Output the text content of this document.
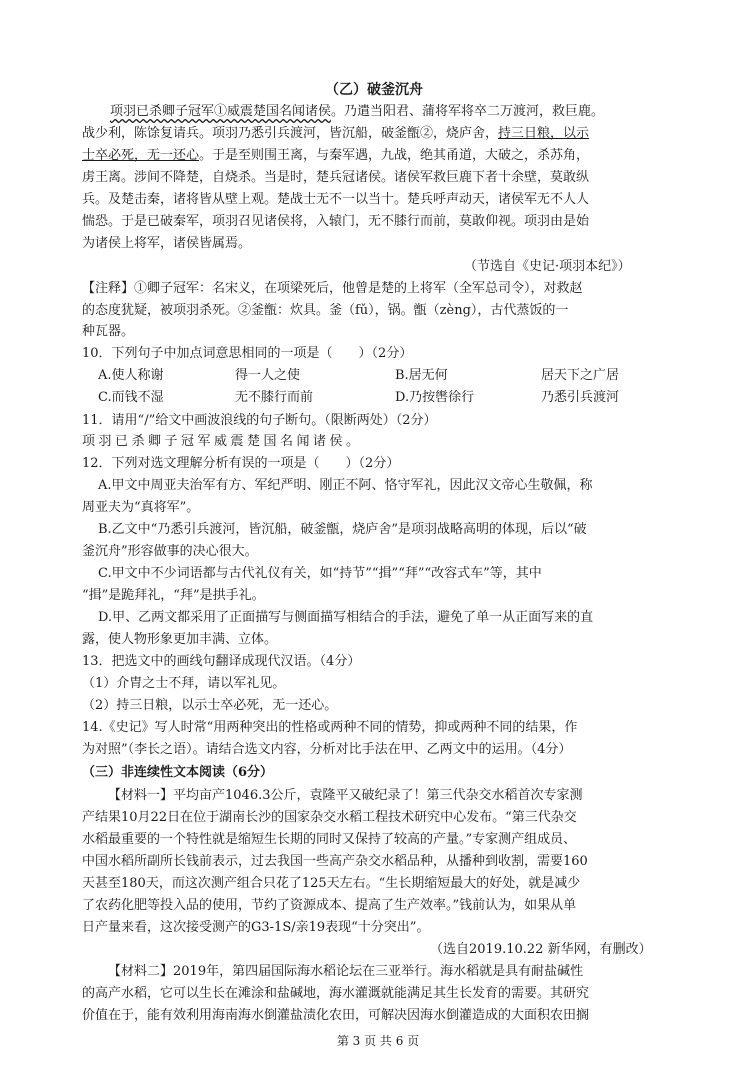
（乙）破釜沉舟
项羽已杀卿子冠军①威震楚国名闻诸侯。乃遣当阳君、蒲将军将卒二万渡河，救巨鹿。
战少利，陈馀复请兵。项羽乃悉引兵渡河，皆沉船，破釜甑②，烧庐舍，持三日粮，以示
士卒必死，无一还心。于是至则围王离，与秦军遇，九战，绝其甬道，大破之，杀苏角，
虏王离。涉间不降楚，自烧杀。当是时，楚兵冠诸侯。诸侯军救巨鹿下者十余壁，莫敢纵
兵。及楚击秦，诸将皆从壁上观。楚战士无不一以当十。楚兵呼声动天，诸侯军无不人人
惴恐。于是已破秦军，项羽召见诸侯将，入辕门，无不膝行而前，莫敢仰视。项羽由是始
为诸侯上将军，诸侯皆属焉。
（节选自《史记·项羽本纪》）
【注释】①卿子冠军：名宋义，在项梁死后，他曾是楚的上将军（全军总司令），对救赵
的态度犹疑，被项羽杀死。②釜甑：炊具。釜（fǔ），锅。甑（zèng），古代蒸饭的一
种瓦器。
10．下列句子中加点词意思相同的一项是（　　）（2分）
A.使人称谢	得一人之使	B.居无何	居天下之广居
C.而钱不湿	无不膝行而前	D.乃按辔徐行	乃悉引兵渡河
11．请用“/”给文中画波浪线的句子断句。（限断两处）（2分）
项羽已杀卿子冠军威震楚国名闻诸侯。
12．下列对选文理解分析有误的一项是（　　）（2分）
A.甲文中周亚夫治军有方、军纪严明、刚正不阿、恪守军礼，因此汉文帝心生敬佩，称
周亚夫为“真将军”。
B.乙文中“乃悉引兵渡河，皆沉船，破釜甑，烧庐舍”是项羽战略高明的体现，后以“破
釜沉舟”形容做事的决心很大。
C.甲文中不少词语都与古代礼仪有关，如“持节”“揖”“拜”“改容式车”等，其中
“揖”是跪拜礼，“拜”是拱手礼。
D.甲、乙两文都采用了正面描写与侧面描写相结合的手法，避免了单一从正面写来的直
露，使人物形象更加丰满、立体。
13．把选文中的画线句翻译成现代汉语。（4分）
（1）介胄之士不拜，请以军礼见。
（2）持三日粮，以示士卒必死，无一还心。
14.《史记》写人时常“用两种突出的性格或两种不同的情势，抑或两种不同的结果，作
为对照”（李长之语）。请结合选文内容，分析对比手法在甲、乙两文中的运用。（4分）
（三）非连续性文本阅读（6分）
【材料一】平均亩产1046.3公斤，袁隆平又破纪录了！第三代杂交水稻首次专家测
产结果10月22日在位于湖南长沙的国家杂交水稻工程技术研究中心发布。“第三代杂交
水稻最重要的一个特性就是缩短生长期的同时又保持了较高的产量。”专家测产组成员、
中国水稻所副所长钱前表示，过去我国一些高产杂交水稻品种，从播种到收割，需要160
天甚至180天，而这次测产组合只花了125天左右。“生长期缩短最大的好处，就是减少
了农药化肥等投入品的使用，节约了资源成本、提高了生产效率。”钱前认为，如果从单
日产量来看，这次接受测产的G3-1S/亲19表现“十分突出”。
（选自2019.10.22 新华网，有删改）
【材料二】2019年，第四届国际海水稻论坛在三亚举行。海水稻就是具有耐盐碱性
的高产水稻，它可以生长在滩涂和盐碱地，海水灌溉就能满足其生长发育的需要。其研究
价值在于，能有效利用海南海水倒灌盐渍化农田，可解决因海水倒灌造成的大面积农田搁
第 3 页 共 6 页
